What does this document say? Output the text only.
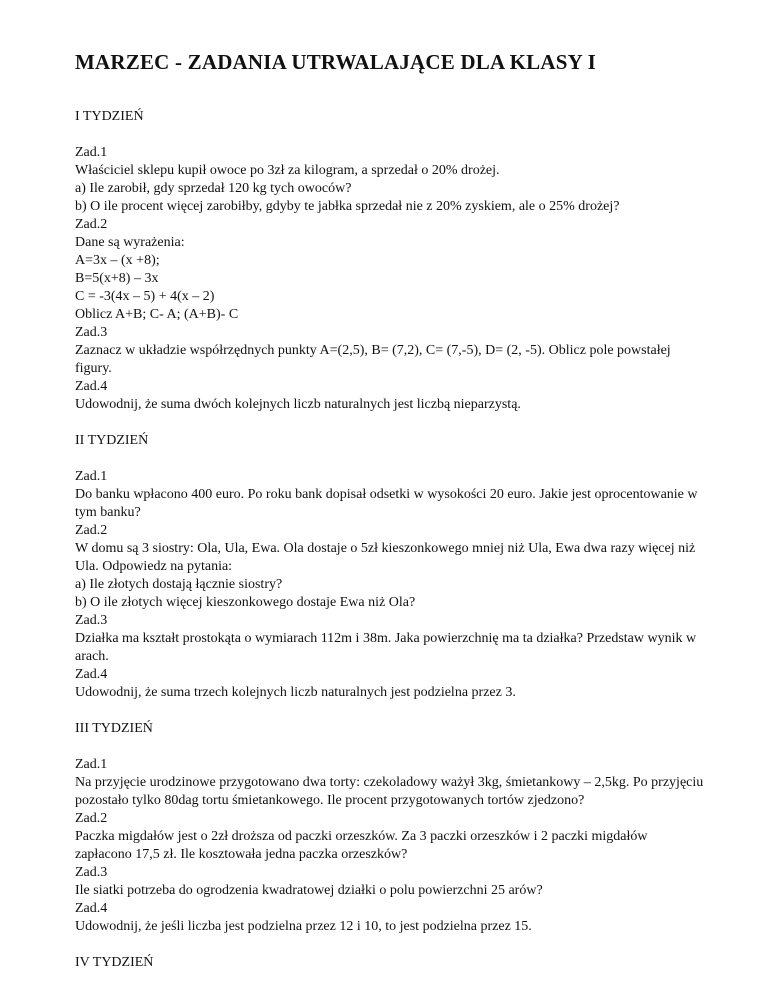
MARZEC - ZADANIA UTRWALAJĄCE DLA KLASY I
I TYDZIEŃ
Zad.1
Właściciel sklepu kupił owoce po 3zł za kilogram, a sprzedał o 20% drożej.
a) Ile zarobił, gdy sprzedał 120 kg tych owoców?
b) O ile procent więcej zarobiłby, gdyby te jabłka sprzedał nie z 20% zyskiem, ale o 25% drożej?
Zad.2
Dane są wyrażenia:
A=3x – (x +8);
B=5(x+8) – 3x
C = -3(4x – 5) + 4(x – 2)
Oblicz A+B; C- A; (A+B)- C
Zad.3
Zaznacz w układzie współrzędnych punkty A=(2,5), B= (7,2), C= (7,-5), D= (2, -5). Oblicz pole powstałej figury.
Zad.4
Udowodnij, że suma dwóch kolejnych liczb naturalnych jest liczbą nieparzystą.
II TYDZIEŃ
Zad.1
Do banku wpłacono 400 euro. Po roku bank dopisał odsetki w wysokości 20 euro. Jakie jest oprocentowanie w tym banku?
Zad.2
W domu są 3 siostry: Ola, Ula, Ewa. Ola dostaje o 5zł kieszonkowego mniej niż Ula, Ewa dwa razy więcej niż Ula. Odpowiedz na pytania:
a) Ile złotych dostają łącznie siostry?
b) O ile złotych więcej kieszonkowego dostaje Ewa niż Ola?
Zad.3
Działka ma kształt prostokąta o wymiarach 112m i 38m. Jaka powierzchnię ma ta działka? Przedstaw wynik w arach.
Zad.4
Udowodnij, że suma trzech kolejnych liczb naturalnych jest podzielna przez 3.
III TYDZIEŃ
Zad.1
Na przyjęcie urodzinowe przygotowano dwa torty: czekoladowy ważył 3kg, śmietankowy – 2,5kg. Po przyjęciu pozostało tylko 80dag tortu śmietankowego. Ile procent przygotowanych tortów zjedzono?
Zad.2
Paczka migdałów jest o 2zł droższa od paczki orzeszków. Za 3 paczki orzeszków i 2 paczki migdałów zapłacono 17,5 zł. Ile kosztowała jedna paczka orzeszków?
Zad.3
Ile siatki potrzeba do ogrodzenia kwadratowej działki o polu powierzchni 25 arów?
Zad.4
Udowodnij, że jeśli liczba jest podzielna przez 12 i 10, to jest podzielna przez 15.
IV TYDZIEŃ
